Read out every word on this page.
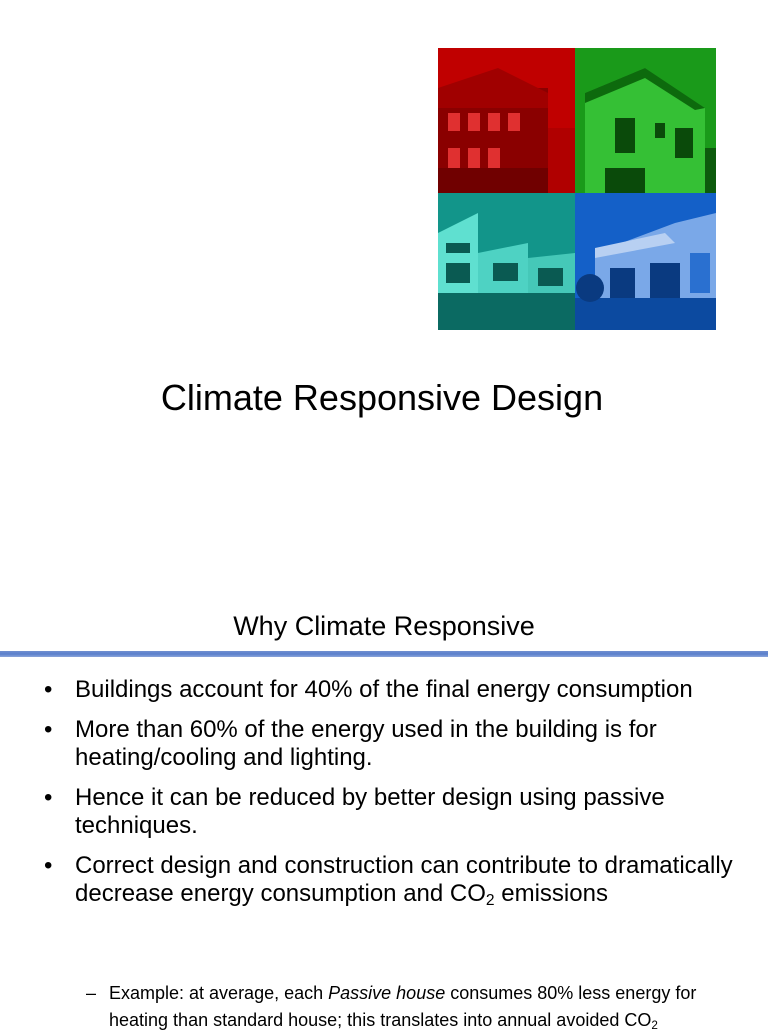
Climate Responsive Design
Why Climate Responsive
• Buildings account for 40% of the final energy consumption
• More than 60% of the energy used in the building is for heating/cooling and lighting.
• Hence it can be reduced by better design using passive techniques.
• Correct design and construction can contribute to dramatically decrease energy consumption and $CO_2$ emissions
– Example: at average, each Passive house consumes 80% less energy for heating than standard house; this translates into annual avoided $CO_2$
